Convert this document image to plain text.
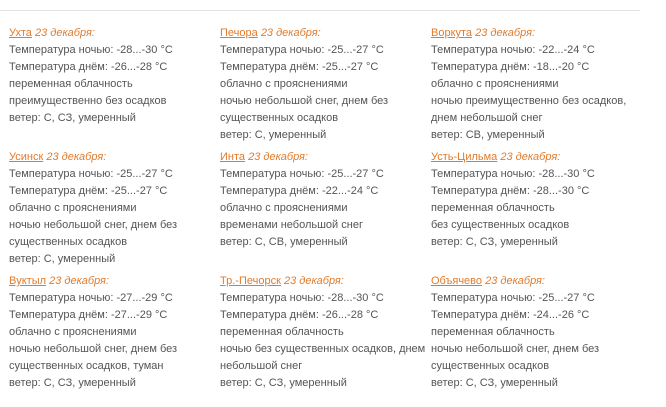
Ухта 23 декабря:
Температура ночью: -28...-30 °C
Температура днём: -26...-28 °C
переменная облачность
преимущественно без осадков
ветер: С, СЗ, умеренный
Печора 23 декабря:
Температура ночью: -25...-27 °C
Температура днём: -25...-27 °C
облачно с прояснениями
ночью небольшой снег, днем без
существенных осадков
ветер: С, умеренный
Воркута 23 декабря:
Температура ночью: -22...-24 °C
Температура днём: -18...-20 °C
облачно с прояснениями
ночью преимущественно без осадков,
днем небольшой снег
ветер: СВ, умеренный
Усинск 23 декабря:
Температура ночью: -25...-27 °C
Температура днём: -25...-27 °C
облачно с прояснениями
ночью небольшой снег, днем без
существенных осадков
ветер: С, умеренный
Инта 23 декабря:
Температура ночью: -25...-27 °C
Температура днём: -22...-24 °C
облачно с прояснениями
временами небольшой снег
ветер: С, СВ, умеренный
Усть-Цильма 23 декабря:
Температура ночью: -28...-30 °C
Температура днём: -28...-30 °C
переменная облачность
без существенных осадков
ветер: С, СЗ, умеренный
Вуктыл 23 декабря:
Температура ночью: -27...-29 °C
Температура днём: -27...-29 °C
облачно с прояснениями
ночью небольшой снег, днем без
существенных осадков, туман
ветер: С, СЗ, умеренный
Тр.-Печорск 23 декабря:
Температура ночью: -28...-30 °C
Температура днём: -26...-28 °C
переменная облачность
ночью без существенных осадков, днем
небольшой снег
ветер: С, СЗ, умеренный
Объячево 23 декабря:
Температура ночью: -25...-27 °C
Температура днём: -24...-26 °C
переменная облачность
ночью небольшой снег, днем без
существенных осадков
ветер: С, СЗ, умеренный
